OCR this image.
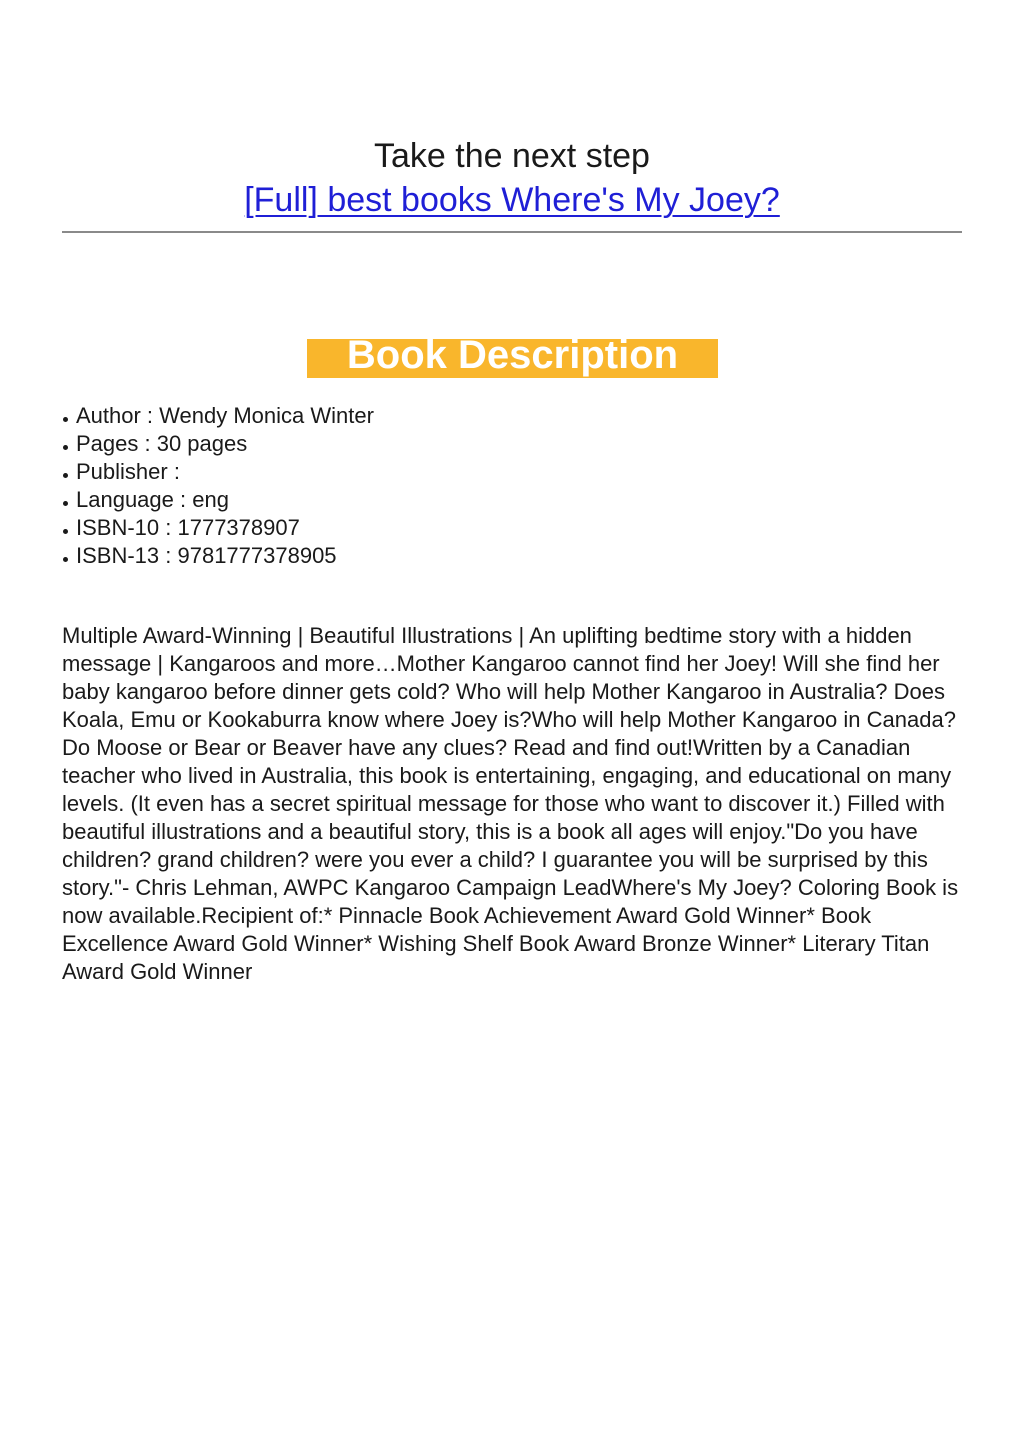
Take the next step
[Full] best books Where's My Joey?
Book Description
Author : Wendy Monica Winter
Pages : 30 pages
Publisher :
Language : eng
ISBN-10 : 1777378907
ISBN-13 : 9781777378905

Multiple Award-Winning | Beautiful Illustrations | An uplifting bedtime story with a hidden message | Kangaroos and more…Mother Kangaroo cannot find her Joey! Will she find her baby kangaroo before dinner gets cold? Who will help Mother Kangaroo in Australia? Does Koala, Emu or Kookaburra know where Joey is?Who will help Mother Kangaroo in Canada? Do Moose or Bear or Beaver have any clues? Read and find out!Written by a Canadian teacher who lived in Australia, this book is entertaining, engaging, and educational on many levels. (It even has a secret spiritual message for those who want to discover it.) Filled with beautiful illustrations and a beautiful story, this is a book all ages will enjoy."Do you have children? grand children? were you ever a child? I guarantee you will be surprised by this story."- Chris Lehman, AWPC Kangaroo Campaign LeadWhere's My Joey? Coloring Book is now available.Recipient of:* Pinnacle Book Achievement Award Gold Winner* Book Excellence Award Gold Winner* Wishing Shelf Book Award Bronze Winner* Literary Titan Award Gold Winner
